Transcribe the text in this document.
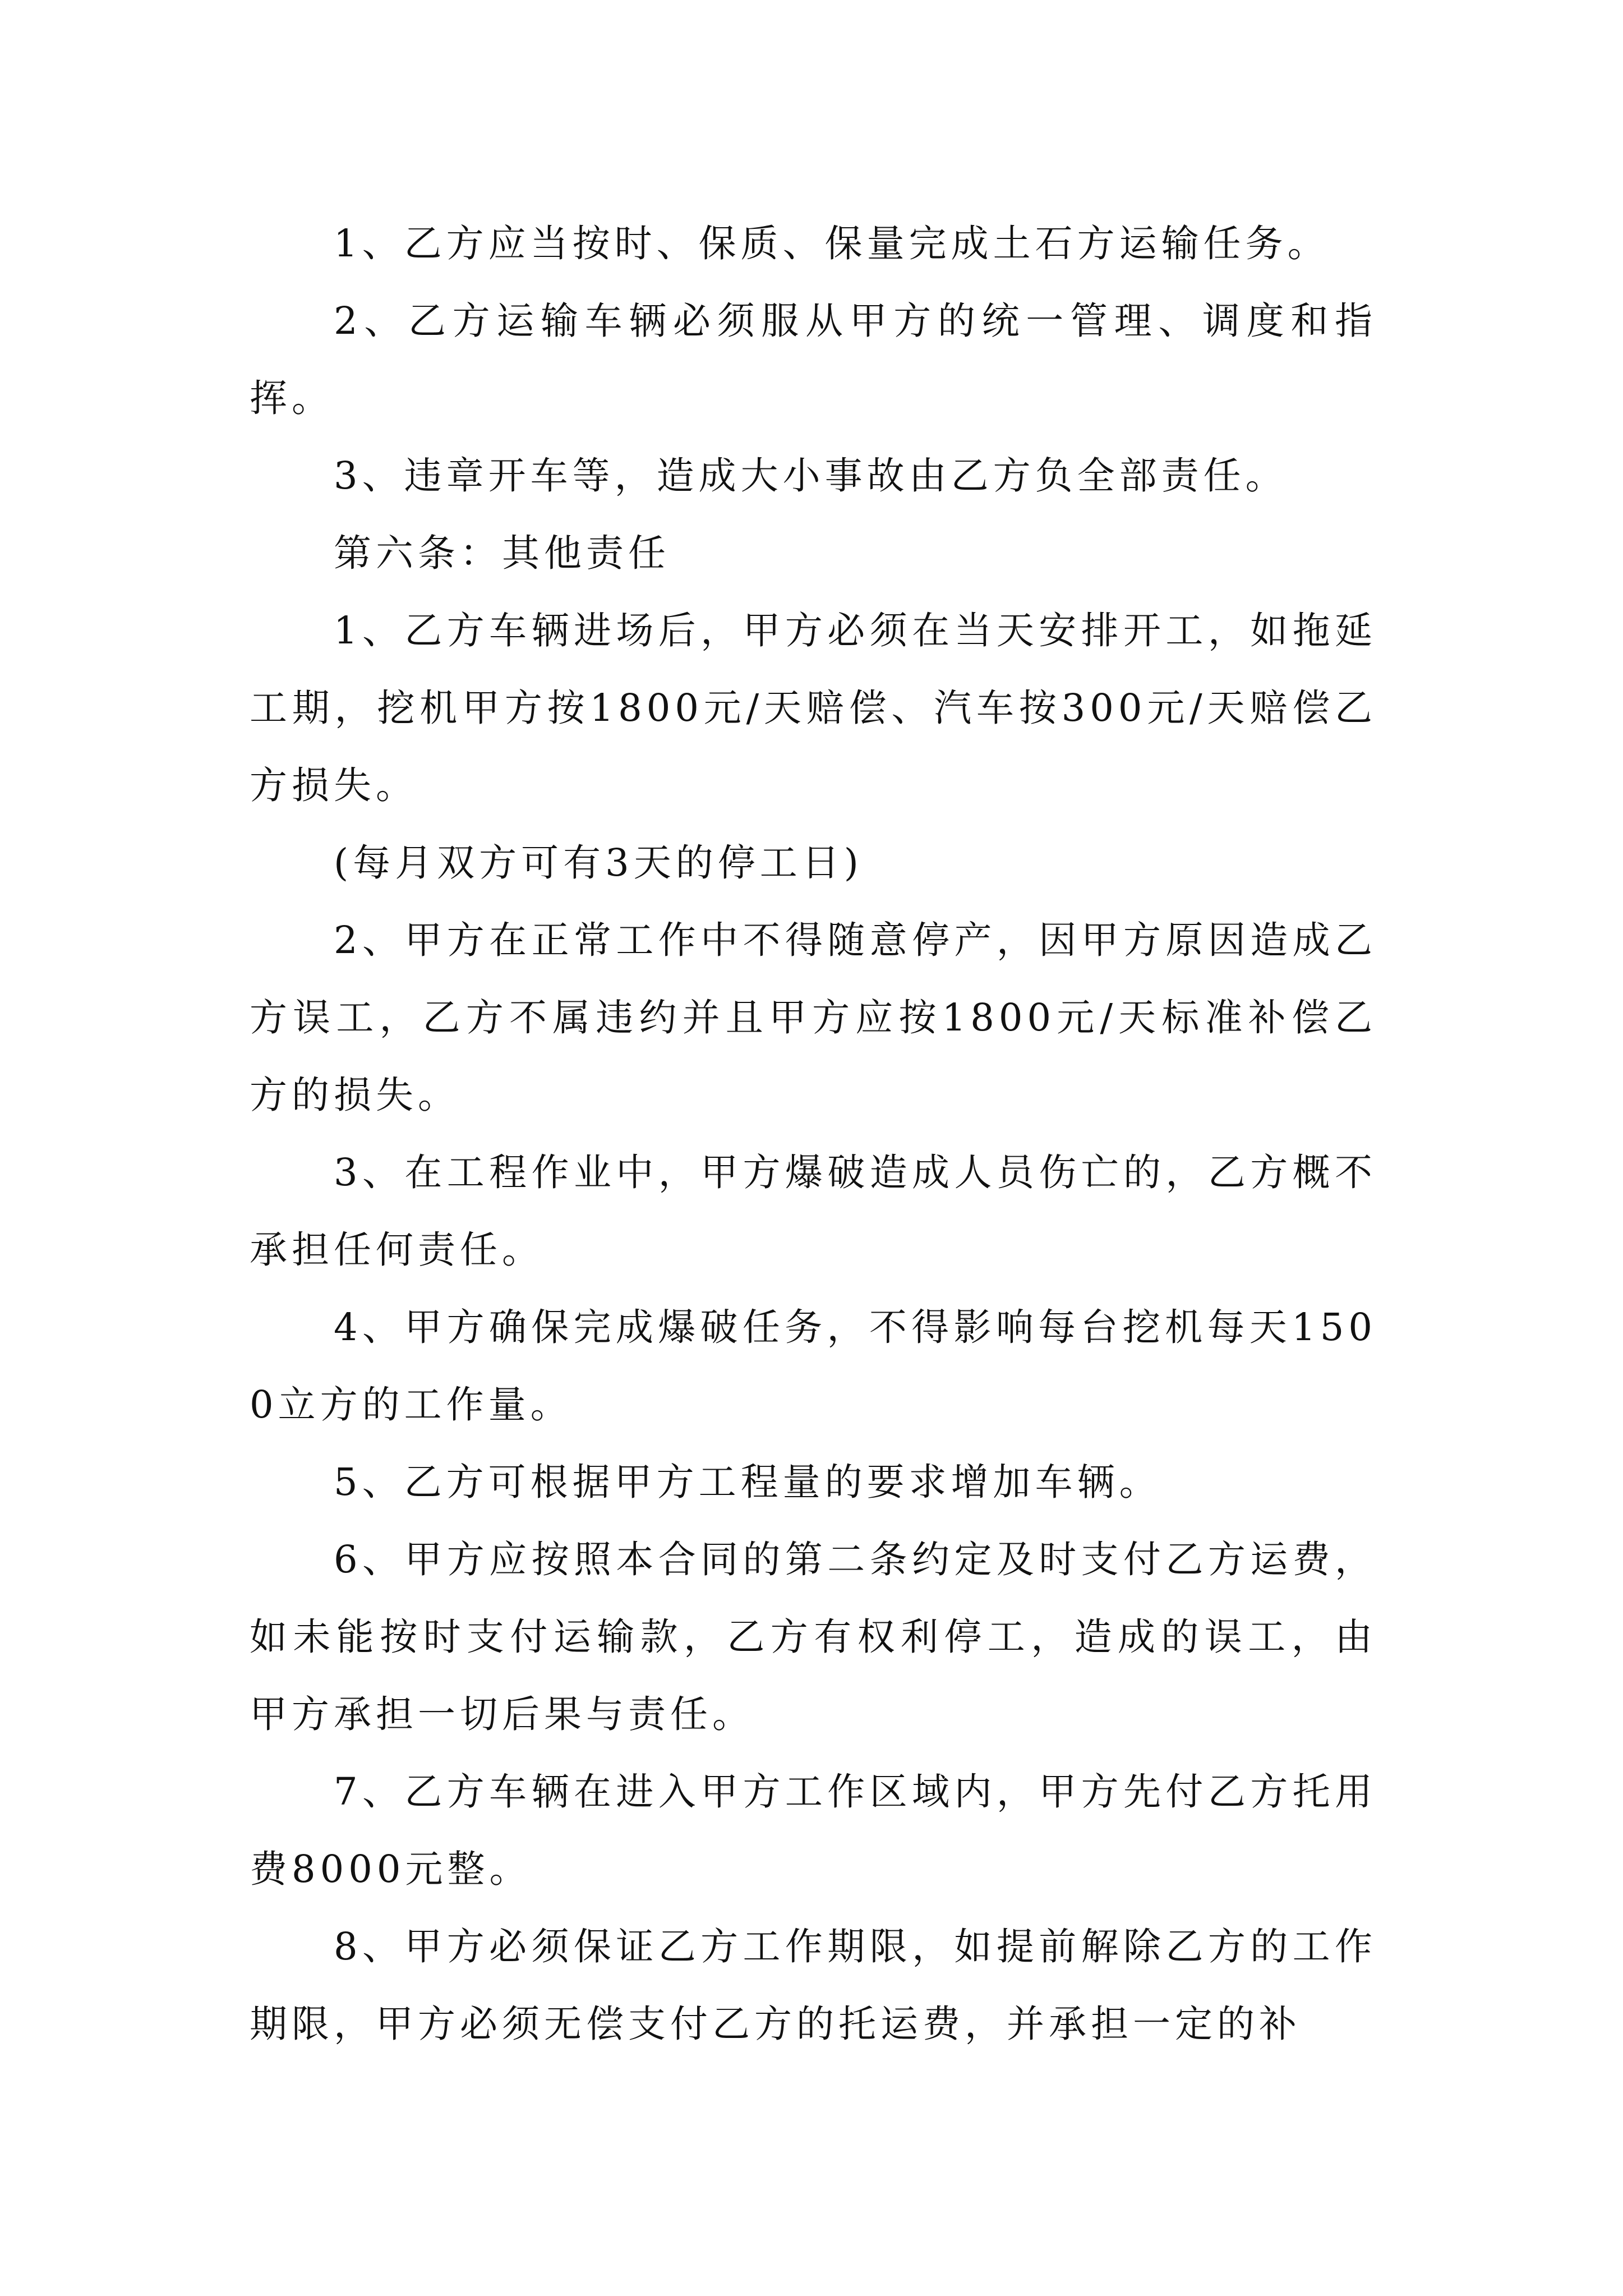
1、乙方应当按时、保质、保量完成土石方运输任务。

2、乙方运输车辆必须服从甲方的统一管理、调度和指挥。

3、违章开车等，造成大小事故由乙方负全部责任。

第六条：其他责任

1、乙方车辆进场后，甲方必须在当天安排开工，如拖延工期，挖机甲方按1800元/天赔偿、汽车按300元/天赔偿乙方损失。

(每月双方可有3天的停工日)

2、甲方在正常工作中不得随意停产，因甲方原因造成乙方误工，乙方不属违约并且甲方应按1800元/天标准补偿乙方的损失。

3、在工程作业中，甲方爆破造成人员伤亡的，乙方概不承担任何责任。

4、甲方确保完成爆破任务，不得影响每台挖机每天1500立方的工作量。

5、乙方可根据甲方工程量的要求增加车辆。

6、甲方应按照本合同的第二条约定及时支付乙方运费，如未能按时支付运输款，乙方有权利停工，造成的误工，由甲方承担一切后果与责任。

7、乙方车辆在进入甲方工作区域内，甲方先付乙方托用费8000元整。

8、甲方必须保证乙方工作期限，如提前解除乙方的工作期限，甲方必须无偿支付乙方的托运费，并承担一定的补
